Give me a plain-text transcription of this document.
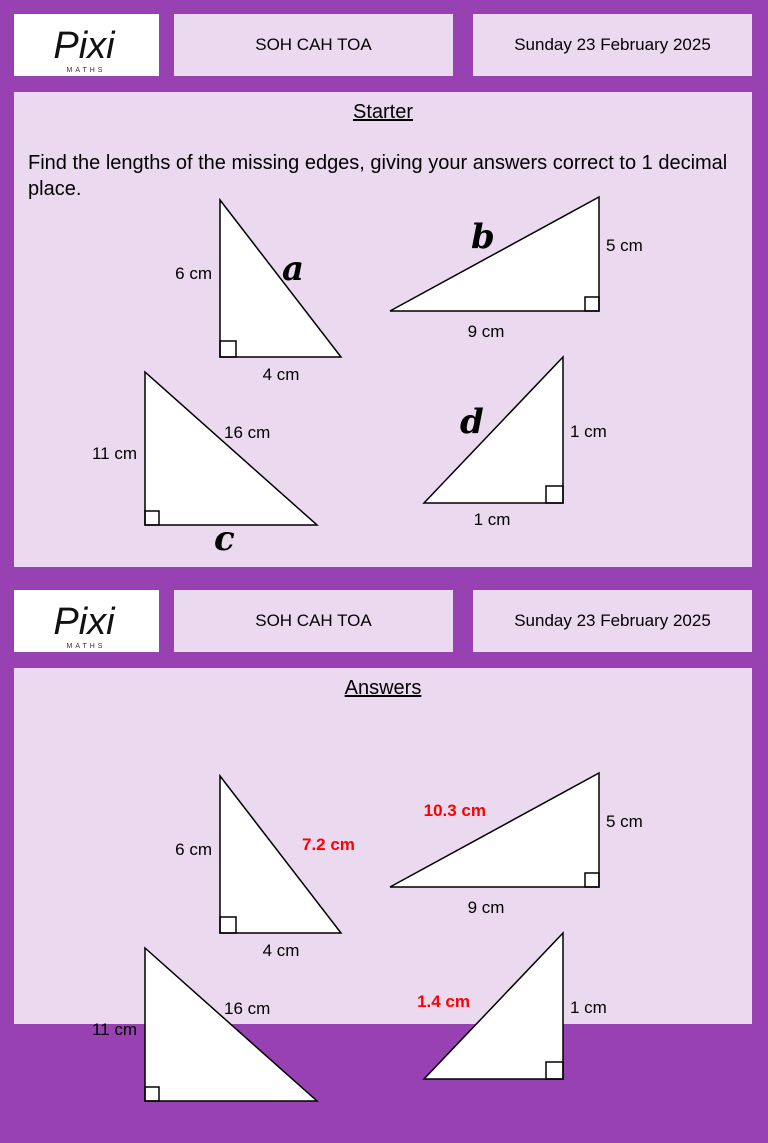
Pixi
MATHS
SOH CAH TOA	Sunday 23 February 2025
Starter
Find the lengths of the missing edges, giving your answers correct to 1 decimal place.
6 cm
4 cm
a
5 cm
9 cm
b
11 cm
16 cm
c
1 cm
1 cm
d
Pixi
MATHS
SOH CAH TOA	Sunday 23 February 2025
Answers
6 cm
4 cm
7.2 cm
5 cm
9 cm
10.3 cm
11 cm
16 cm	1 cm
1.4 cm
